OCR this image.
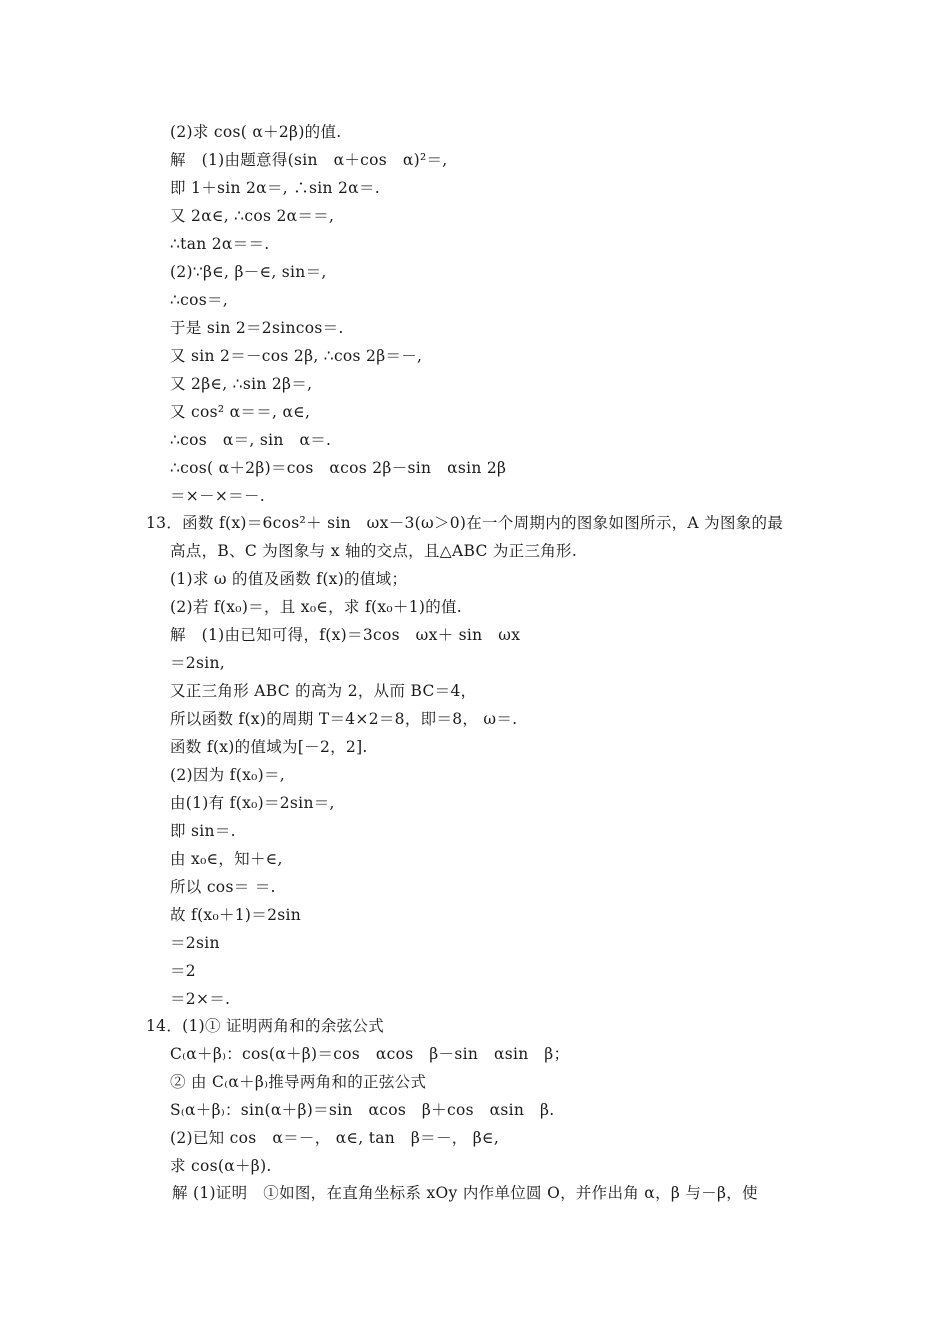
(2)求 cos( α＋2β)的值.
解　(1)由题意得(sin　α＋cos　α)²＝,
即 1＋sin 2α＝, ∴sin 2α＝.
又 2α∈, ∴cos 2α＝＝,
∴tan 2α＝＝.
(2)∵β∈, β－∈, sin＝,
∴cos＝,
于是 sin 2＝2sincos＝.
又 sin 2＝－cos 2β, ∴cos 2β＝－,
又 2β∈, ∴sin 2β＝,
又 cos² α＝＝, α∈,
∴cos　α＝, sin　α＝.
∴cos( α＋2β)＝cos　αcos 2β－sin　αsin 2β
＝×－×＝－.
13．函数 f(x)＝6cos²＋ sin　ωx－3(ω＞0)在一个周期内的图象如图所示，A 为图象的最
高点，B、C 为图象与 x 轴的交点，且△ABC 为正三角形.
(1)求 ω 的值及函数 f(x)的值域；
(2)若 f(x₀)＝，且 x₀∈，求 f(x₀＋1)的值.
解　(1)由已知可得，f(x)＝3cos　ωx＋ sin　ωx
＝2sin,
又正三角形 ABC 的高为 2，从而 BC＝4，
所以函数 f(x)的周期 T＝4×2＝8，即＝8， ω＝.
函数 f(x)的值域为[－2，2].
(2)因为 f(x₀)＝,
由(1)有 f(x₀)＝2sin＝,
即 sin＝.
由 x₀∈，知＋∈,
所以 cos＝ ＝.
故 f(x₀＋1)＝2sin
＝2sin
＝2
＝2×＝.
14．(1)① 证明两角和的余弦公式
C₍α＋β₎：cos(α＋β)＝cos　αcos　β－sin　αsin　β；
② 由 C₍α＋β₎推导两角和的正弦公式
S₍α＋β₎：sin(α＋β)＝sin　αcos　β＋cos　αsin　β.
(2)已知 cos　α＝－， α∈, tan　β＝－， β∈,
求 cos(α＋β).
解 (1)证明　①如图，在直角坐标系 xOy 内作单位圆 O，并作出角 α，β 与－β，使
